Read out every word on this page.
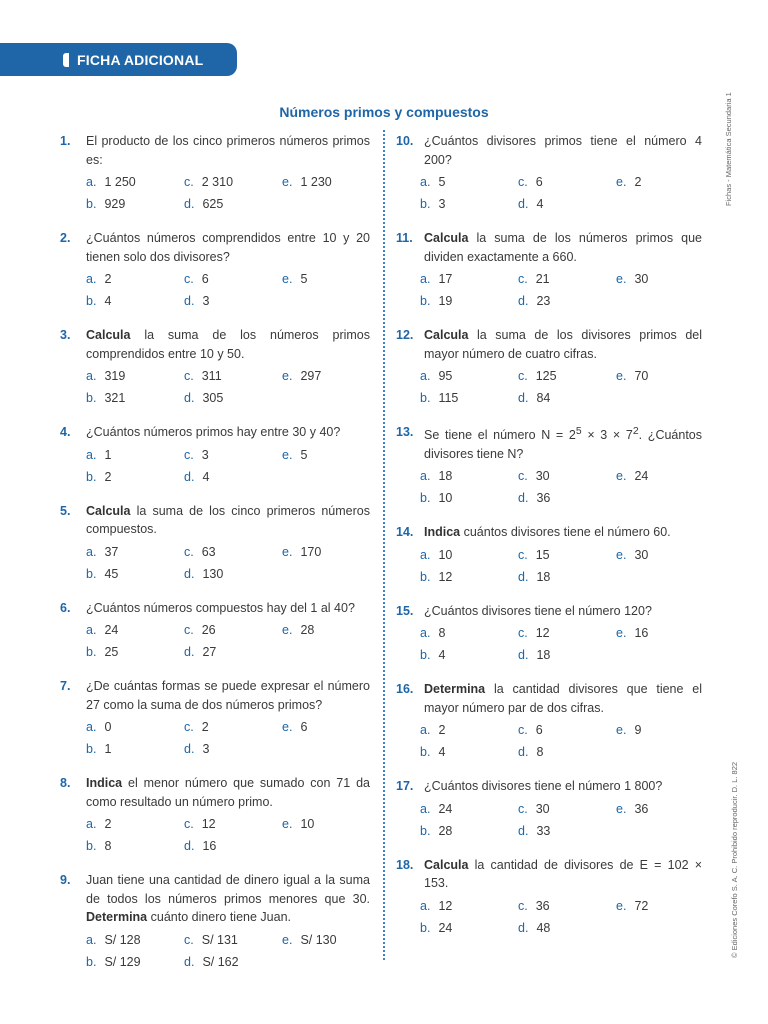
FICHA ADICIONAL
Números primos y compuestos
1.	El producto de los cinco primeros números primos es:
a. 1 250	c. 2 310	e. 1 230
b. 929	d. 625
2.	¿Cuántos números comprendidos entre 10 y 20 tienen solo dos divisores?
a. 2	c. 6	e. 5
b. 4	d. 3
3.	Calcula la suma de los números primos comprendidos entre 10 y 50.
a. 319	c. 311	e. 297
b. 321	d. 305
4.	¿Cuántos números primos hay entre 30 y 40?
a. 1	c. 3	e. 5
b. 2	d. 4
5.	Calcula la suma de los cinco primeros números compuestos.
a. 37	c. 63	e. 170
b. 45	d. 130
6.	¿Cuántos números compuestos hay del 1 al 40?
a. 24	c. 26	e. 28
b. 25	d. 27
7.	¿De cuántas formas se puede expresar el número 27 como la suma de dos números primos?
a. 0	c. 2	e. 6
b. 1	d. 3
8.	Indica el menor número que sumado con 71 da como resultado un número primo.
a. 2	c. 12	e. 10
b. 8	d. 16
9.	Juan tiene una cantidad de dinero igual a la suma de todos los números primos menores que 30. Determina cuánto dinero tiene Juan.
a. S/ 128	c. S/ 131	e. S/ 130
b. S/ 129	d. S/ 162
10. ¿Cuántos divisores primos tiene el número 4 200?
a. 5	c. 6	e. 2
b. 3	d. 4
11. Calcula la suma de los números primos que dividen exactamente a 660.
a. 17	c. 21	e. 30
b. 19	d. 23
12. Calcula la suma de los divisores primos del mayor número de cuatro cifras.
a. 95	c. 125	e. 70
b. 115	d. 84
13. Se tiene el número $N = 2^5 \times 3 \times 7^2$. ¿Cuántos divisores tiene N?
a. 18	c. 30	e. 24
b. 10	d. 36
14. Indica cuántos divisores tiene el número 60.
a. 10	c. 15	e. 30
b. 12	d. 18
15. ¿Cuántos divisores tiene el número 120?
a. 8	c. 12	e. 16
b. 4	d. 18
16. Determina la cantidad divisores que tiene el mayor número par de dos cifras.
a. 2	c. 6	e. 9
b. 4	d. 8
17. ¿Cuántos divisores tiene el número 1 800?
a. 24	c. 30	e. 36
b. 28	d. 33
18. Calcula la cantidad de divisores de E = 102 × 153.
a. 12	c. 36	e. 72
b. 24	d. 48
Fichas - Matemática Secundaria 1
© Ediciones Corefo S. A. C. Prohibido reproducir. D. L. 822
